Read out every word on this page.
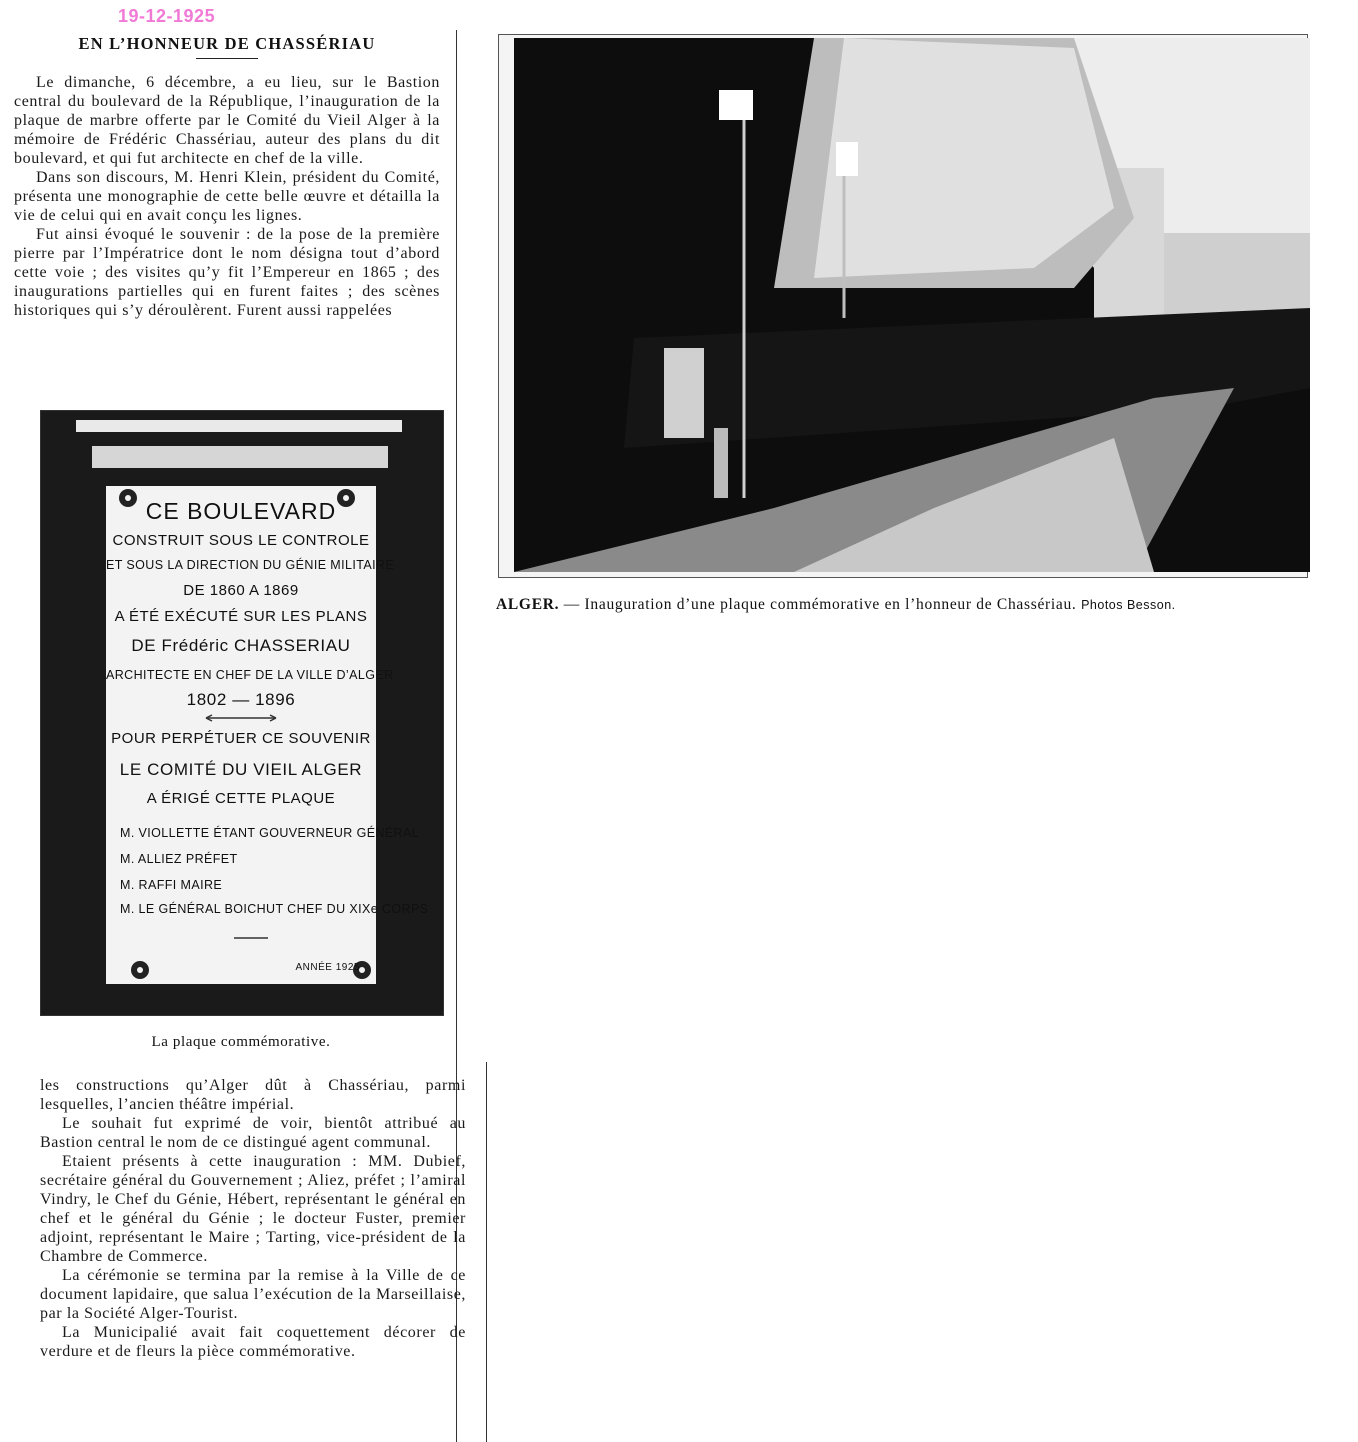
19-12-1925
EN L’HONNEUR DE CHASSÉRIAU

Le dimanche, 6 décembre, a eu lieu, sur le Bastion central du boulevard de la République, l’inauguration de la plaque de marbre offerte par le Comité du Vieil Alger à la mémoire de Frédéric Chassériau, auteur des plans du dit boulevard, et qui fut architecte en chef de la ville.

Dans son discours, M. Henri Klein, président du Comité, présenta une monographie de cette belle œuvre et détailla la vie de celui qui en avait conçu les lignes.

Fut ainsi évoqué le souvenir : de la pose de la première pierre par l’Impératrice dont le nom désigna tout d’abord cette voie ; des visites qu’y fit l’Empereur en 1865 ; des inaugurations partielles qui en furent faites ; des scènes historiques qui s’y déroulèrent. Furent aussi rappelées

CE BOULEVARD
CONSTRUIT SOUS LE CONTROLE
ET SOUS LA DIRECTION DU GÉNIE MILITAIRE
DE 1860 A 1869
A ÉTÉ EXÉCUTÉ SUR LES PLANS
DE Frédéric CHASSERIAU
ARCHITECTE EN CHEF DE LA VILLE D’ALGER
1802 — 1896
POUR PERPÉTUER CE SOUVENIR
LE COMITÉ DU VIEIL ALGER
A ÉRIGÉ CETTE PLAQUE
M. VIOLLETTE ÉTANT GOUVERNEUR GÉNÉRAL
M. ALLIEZ PRÉFET
M. RAFFI MAIRE
M. LE GÉNÉRAL BOICHUT CHEF DU XIXe CORPS
ANNÉE 1925
La plaque commémorative.

les constructions qu’Alger dût à Chassériau, parmi lesquelles, l’ancien théâtre impérial.

Le souhait fut exprimé de voir, bientôt attribué au Bastion central le nom de ce distingué agent communal.

Etaient présents à cette inauguration : MM. Dubief, secrétaire général du Gouvernement ; Aliez, préfet ; l’amiral Vindry, le Chef du Génie, Hébert, représentant le général en chef et le général du Génie ; le docteur Fuster, premier adjoint, représentant le Maire ; Tarting, vice-président de la Chambre de Commerce.

La cérémonie se termina par la remise à la Ville de ce document lapidaire, que salua l’exécution de la Marseillaise, par la Société Alger-Tourist.

La Municipalié avait fait coquettement décorer de verdure et de fleurs la pièce commémorative.

ALGER. — Inauguration d’une plaque commémorative en l’honneur de Chassériau. Photos Besson.
